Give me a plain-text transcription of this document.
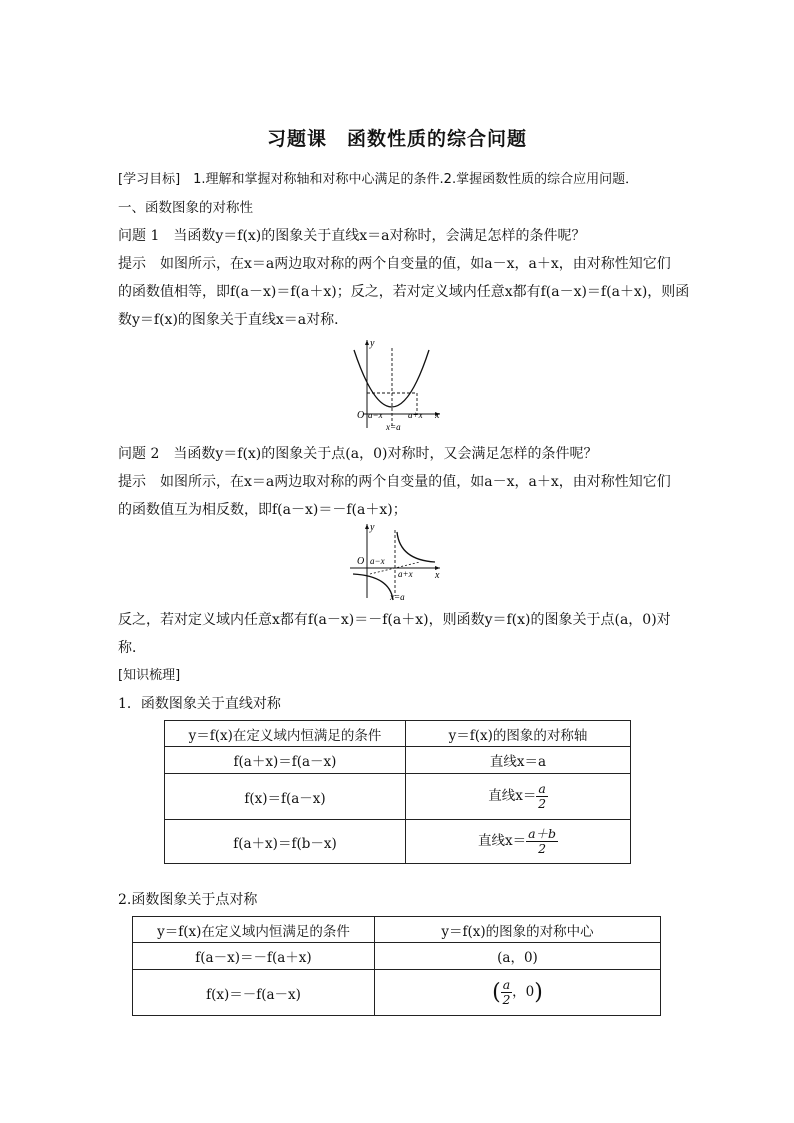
习题课　函数性质的综合问题
[学习目标]　1.理解和掌握对称轴和对称中心满足的条件.2.掌握函数性质的综合应用问题．
一、函数图象的对称性
问题 1　当函数y＝f(x)的图象关于直线x＝a对称时，会满足怎样的条件呢？
提示　如图所示，在x＝a两边取对称的两个自变量的值，如a－x，a＋x，由对称性知它们
的函数值相等，即f(a－x)＝f(a＋x)；反之，若对定义域内任意x都有f(a－x)＝f(a＋x)，则函
数y＝f(x)的图象关于直线x＝a对称．
y
O a−x	a+x x
x=a
问题 2　当函数y＝f(x)的图象关于点(a，0)对称时，又会满足怎样的条件呢？
提示　如图所示，在x＝a两边取对称的两个自变量的值，如a－x，a＋x，由对称性知它们
的函数值互为相反数，即f(a－x)＝－f(a＋x)；
y
O a−x
a+x x
x=a
反之，若对定义域内任意x都有f(a－x)＝－f(a＋x)，则函数y＝f(x)的图象关于点(a，0)对
称．
[知识梳理]
1．函数图象关于直线对称
y＝f(x)在定义域内恒满足的条件	y＝f(x)的图象的对称轴
f(a＋x)＝f(a－x)	直线x＝a
f(x)＝f(a－x)	直线$x= \frac{a}{2}$

f(a＋x)＝f(b－x)	直线$x= \frac{a+b}{2}$
2.函数图象关于点对称
y＝f(x)在定义域内恒满足的条件	y＝f(x)的图象的对称中心
f(a－x)＝－f(a＋x)	(a，0)
f(x)＝－f(a－x)	( $\frac{a}{2}$ ，0)
